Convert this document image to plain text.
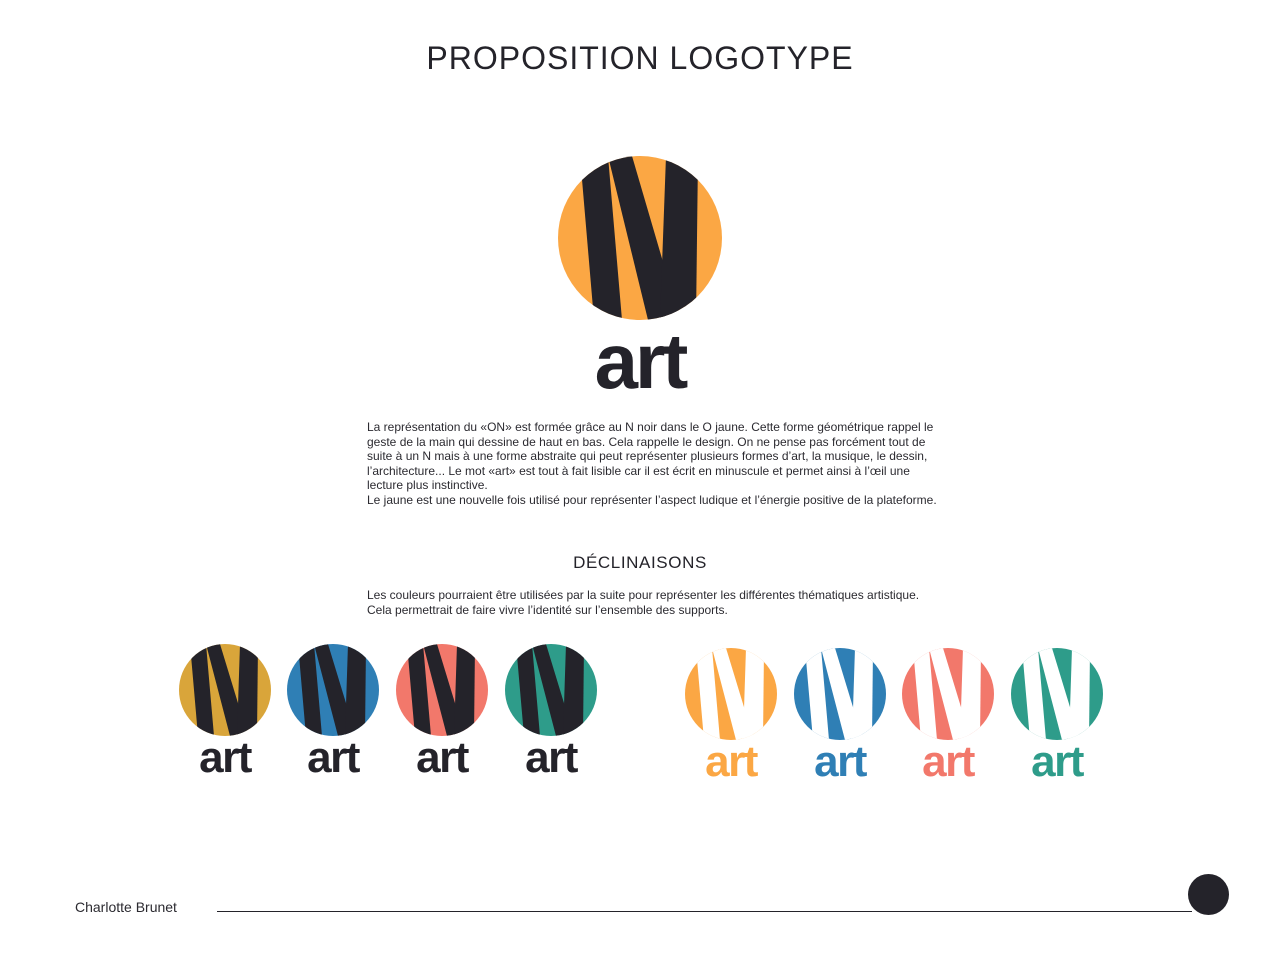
PROPOSITION LOGOTYPE
art

La représentation du «ON» est formée grâce au N noir dans le O jaune. Cette forme géométrique rappel le geste de la main qui dessine de haut en bas. Cela rappelle le design. On ne pense pas forcément tout de suite à un N mais à une forme abstraite qui peut représenter plusieurs formes d’art, la musique, le dessin, l’architecture... Le mot «art» est tout à fait lisible car il est écrit en minuscule et permet ainsi à l’œil une lecture plus instinctive.

Le jaune est une nouvelle fois utilisé pour représenter l’aspect ludique et l’énergie positive de la plateforme.

DÉCLINAISONS
Les couleurs pourraient être utilisées par la suite pour représenter les différentes thématiques artistique. Cela permettrait de faire vivre l’identité sur l’ensemble des supports.
art art art art	art art art art
Charlotte Brunet
